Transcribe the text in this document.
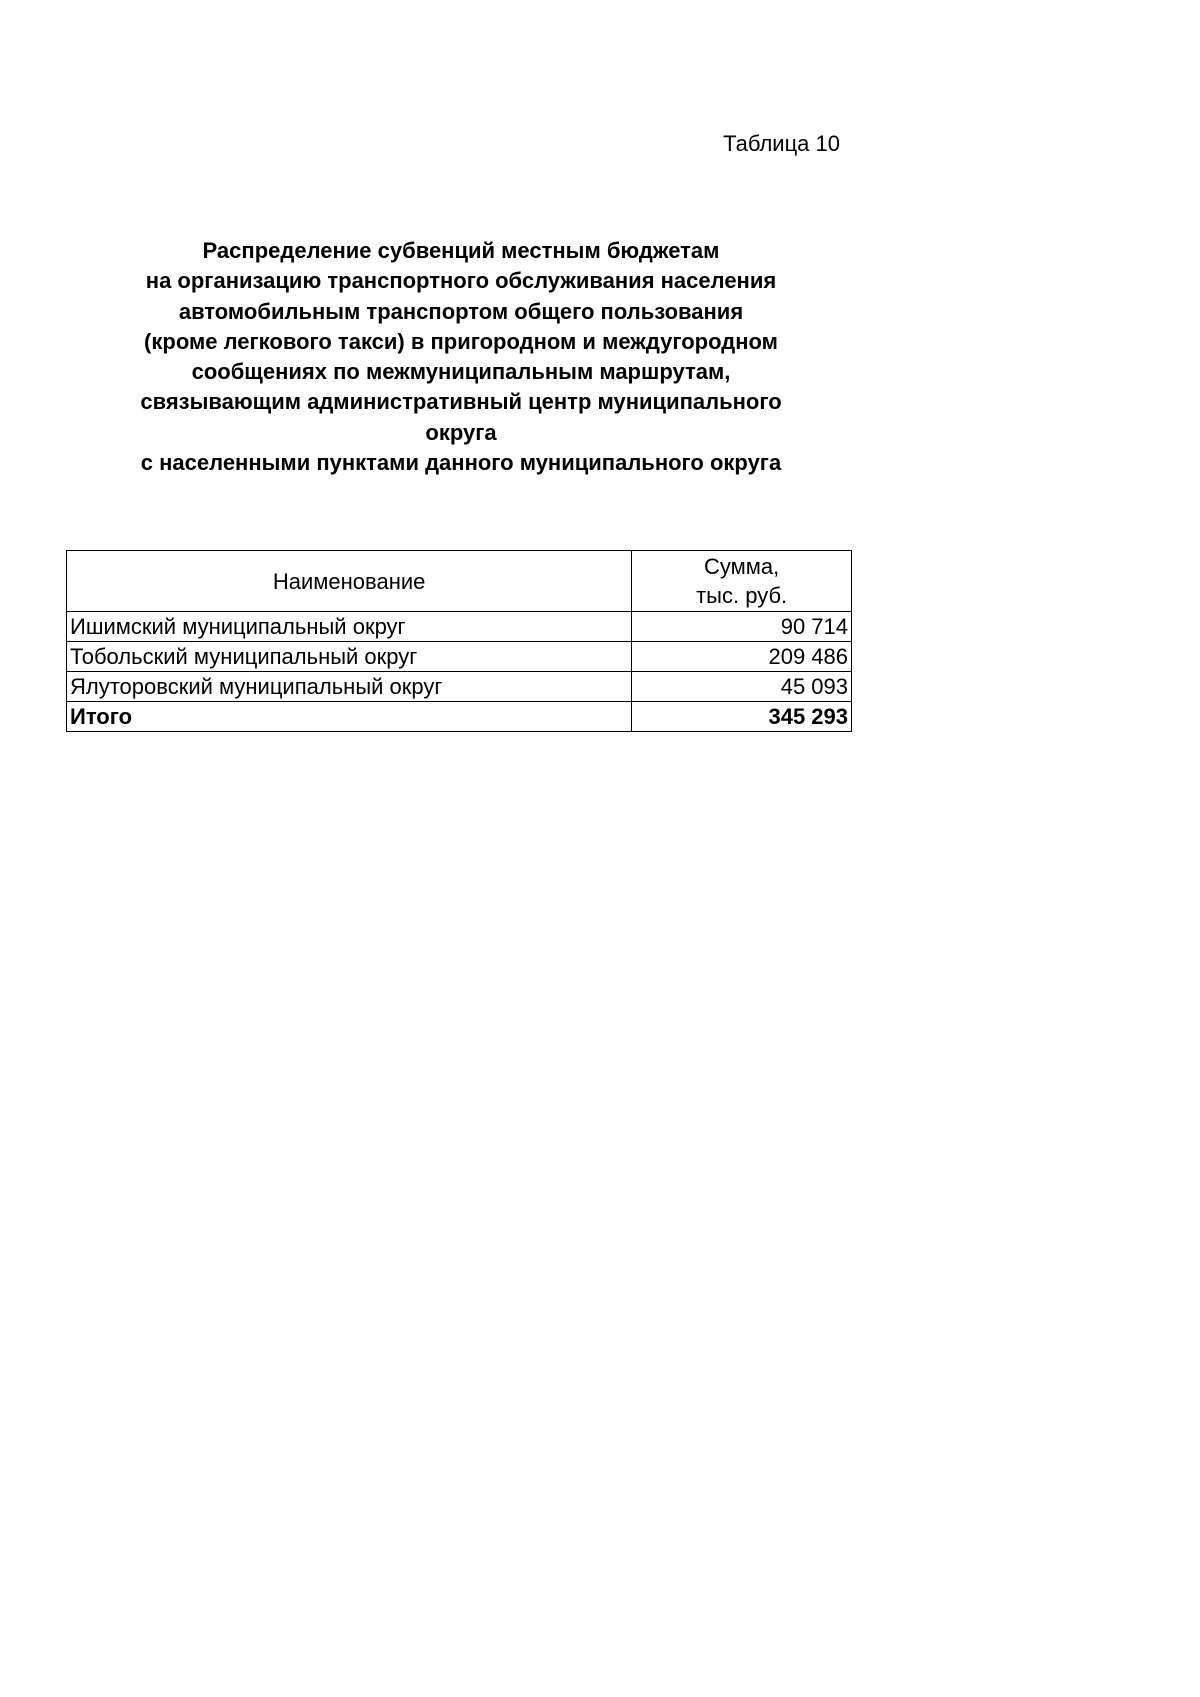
Таблица 10
Распределение субвенций местным бюджетам
на организацию транспортного обслуживания населения
автомобильным транспортом общего пользования
(кроме легкового такси) в пригородном и междугородном
сообщениях по межмуниципальным маршрутам,
связывающим административный центр муниципального
округа
с населенными пунктами данного муниципального округа
Наименование	Сумма,
тыс. руб.

Ишимский муниципальный округ	90 714
Тобольский муниципальный округ	209 486
Ялуторовский муниципальный округ	45 093
Итого	345 293
